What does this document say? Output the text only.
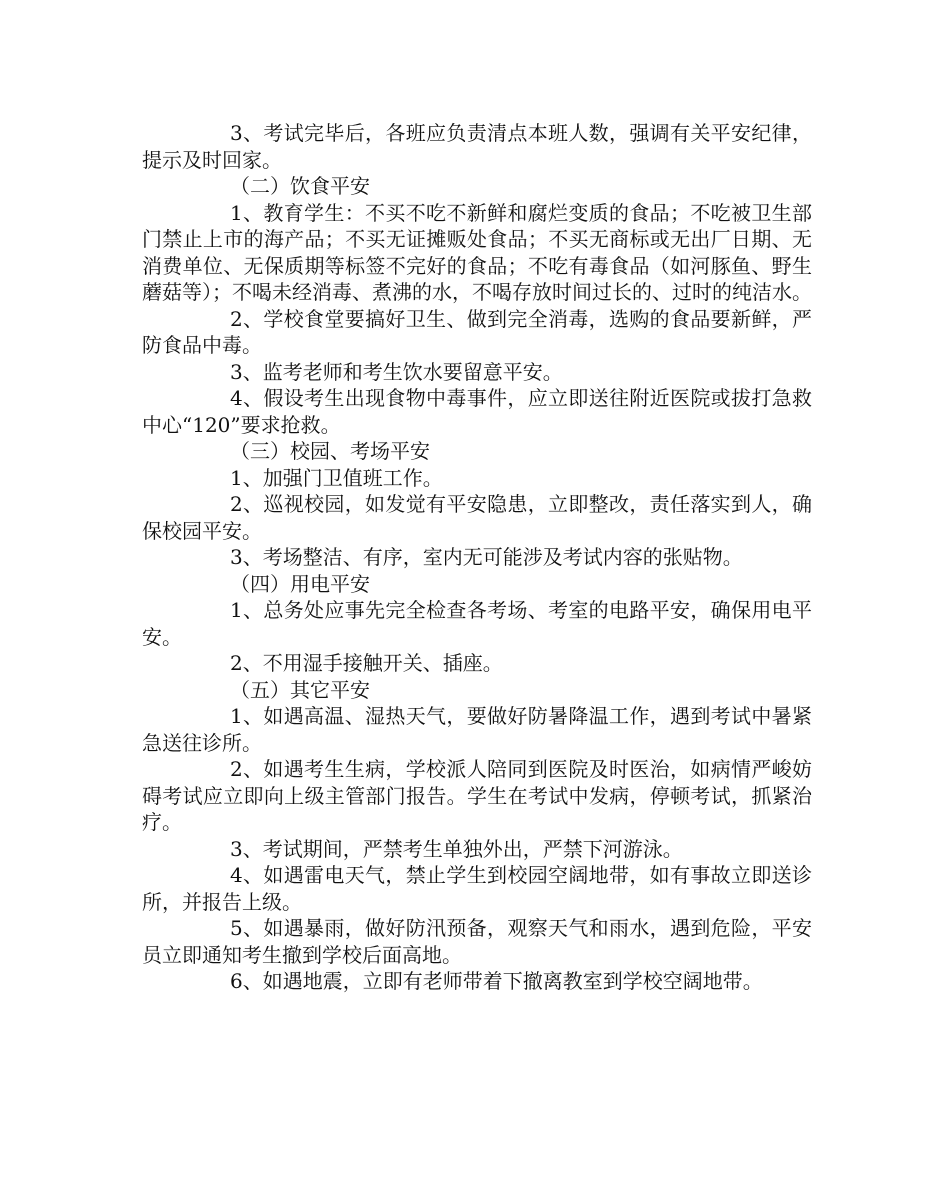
3、考试完毕后，各班应负责清点本班人数，强调有关平安纪律，提示及时回家。

（二）饮食平安

1、教育学生：不买不吃不新鲜和腐烂变质的食品；不吃被卫生部门禁止上市的海产品；不买无证摊贩处食品；不买无商标或无出厂日期、无消费单位、无保质期等标签不完好的食品；不吃有毒食品（如河豚鱼、野生蘑菇等）；不喝未经消毒、煮沸的水，不喝存放时间过长的、过时的纯洁水。

2、学校食堂要搞好卫生、做到完全消毒，选购的食品要新鲜，严防食品中毒。

3、监考老师和考生饮水要留意平安。

4、假设考生出现食物中毒事件，应立即送往附近医院或拔打急救中心“120”要求抢救。

（三）校园、考场平安

1、加强门卫值班工作。

2、巡视校园，如发觉有平安隐患，立即整改，责任落实到人，确保校园平安。

3、考场整洁、有序，室内无可能涉及考试内容的张贴物。

（四）用电平安

1、总务处应事先完全检查各考场、考室的电路平安，确保用电平安。

2、不用湿手接触开关、插座。

（五）其它平安

1、如遇高温、湿热天气，要做好防暑降温工作，遇到考试中暑紧急送往诊所。

2、如遇考生生病，学校派人陪同到医院及时医治，如病情严峻妨碍考试应立即向上级主管部门报告。学生在考试中发病，停顿考试，抓紧治疗。

3、考试期间，严禁考生单独外出，严禁下河游泳。

4、如遇雷电天气，禁止学生到校园空阔地带，如有事故立即送诊所，并报告上级。

5、如遇暴雨，做好防汛预备，观察天气和雨水，遇到危险，平安员立即通知考生撤到学校后面高地。

6、如遇地震，立即有老师带着下撤离教室到学校空阔地带。
